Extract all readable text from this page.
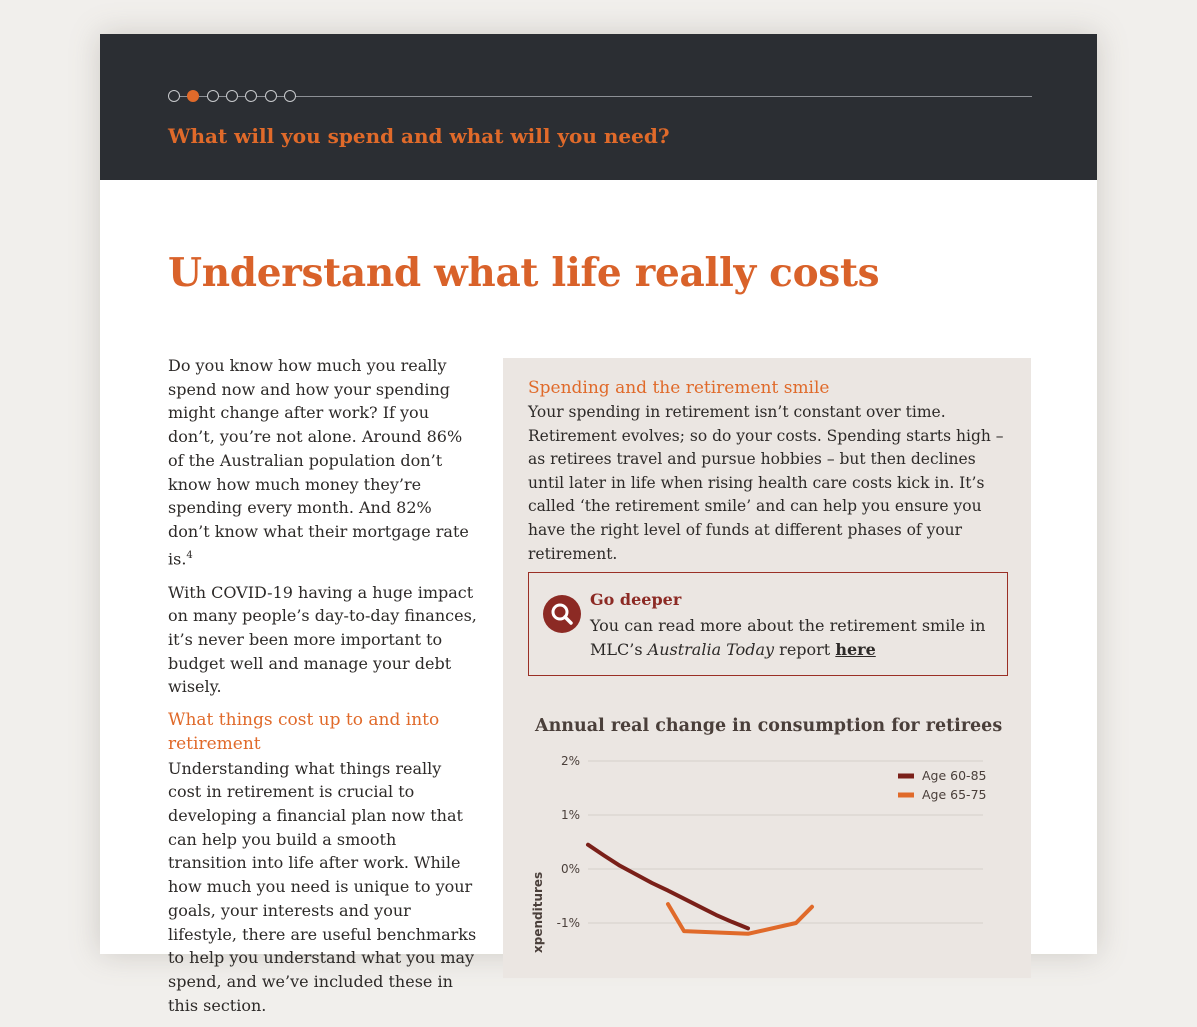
What will you spend and what will you need?
Understand what life really costs

Do you know how much you really spend now and how your spending might change after work? If you don’t, you’re not alone. Around 86% of the Australian population don’t know how much money they’re spending every month. And 82% don’t know what their mortgage rate is.$^4$

With COVID-19 having a huge impact on many people’s day-to-day finances, it’s never been more important to budget well and manage your debt wisely.

What things cost up to and into retirement

Understanding what things really cost in retirement is crucial to developing a financial plan now that can help you build a smooth transition into life after work. While how much you need is unique to your goals, your interests and your lifestyle, there are useful benchmarks to help you understand what you may spend, and we’ve included these in this section.

Spending and the retirement smile
Your spending in retirement isn’t constant over time. Retirement evolves; so do your costs. Spending starts high – as retirees travel and pursue hobbies – but then declines until later in life when rising health care costs kick in. It’s called ‘the retirement smile’ and can help you ensure you have the right level of funds at different phases of your retirement.
Go deeper
You can read more about the retirement smile in MLC’s Australia Today report here
Annual real change in consumption for retirees
2%
1%
0%
-1%
xpenditures
Age 60-85
Age 65-75
